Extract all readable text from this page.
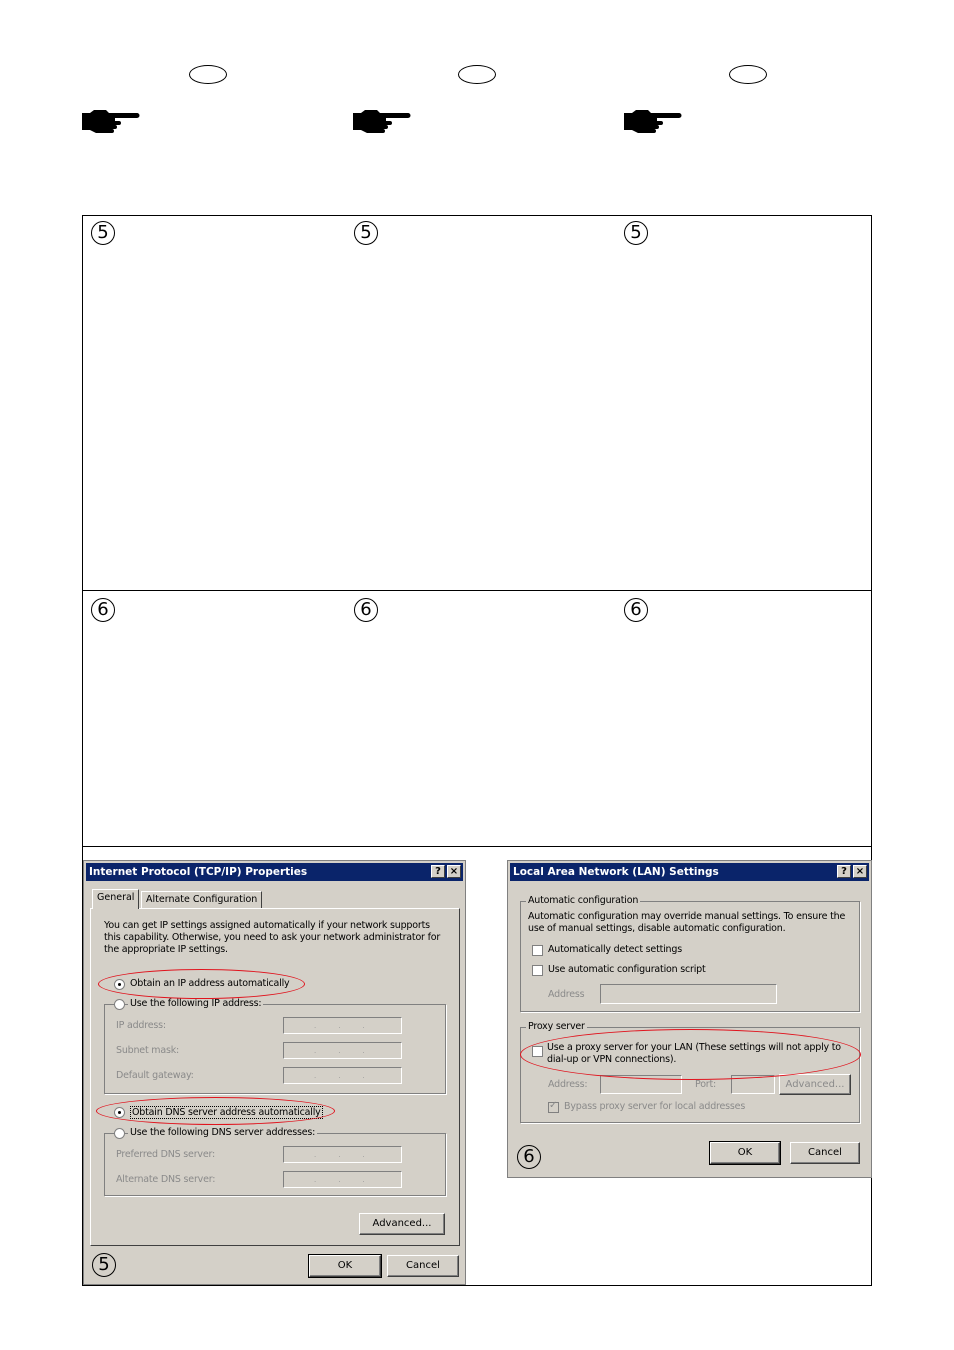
5	5	5
6	6	6
Internet Protocol (TCP/IP) Properties	? ×
General	Alternate Configuration
You can get IP settings assigned automatically if your network supports
this capability. Otherwise, you need to ask your network administrator for
the appropriate IP settings.
Obtain an IP address automatically
Use the following IP address:
IP address:	...
Subnet mask:	...
Default gateway:	...
Obtain DNS server address automatically
Use the following DNS server addresses:
Preferred DNS server:	...
Alternate DNS server:	...
Advanced...
OK	Cancel
5
Local Area Network (LAN) Settings	? ×
Automatic configuration
Automatic configuration may override manual settings. To ensure the
use of manual settings, disable automatic configuration.
Automatically detect settings
Use automatic configuration script
Address
Proxy server
Use a proxy server for your LAN (These settings will not apply to
dial-up or VPN connections).
Address:	Port:	Advanced...
✓
Bypass proxy server for local addresses
OK	Cancel
6
